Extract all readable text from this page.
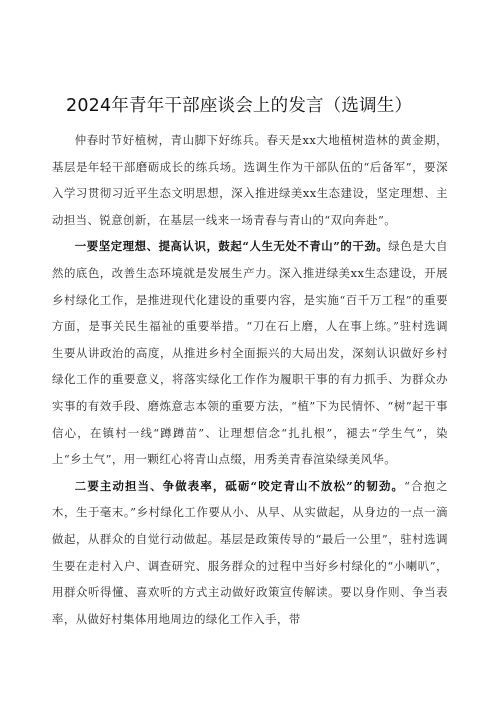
2024年青年干部座谈会上的发言（选调生）

仲春时节好植树，青山脚下好练兵。春天是xx大地植树造林的黄金期，基层是年轻干部磨砺成长的练兵场。选调生作为干部队伍的“后备军”，要深入学习贯彻习近平生态文明思想，深入推进绿美xx生态建设，坚定理想、主动担当、锐意创新，在基层一线来一场青春与青山的“双向奔赴”。

一要坚定理想、提高认识，鼓起“人生无处不青山”的干劲。绿色是大自然的底色，改善生态环境就是发展生产力。深入推进绿美xx生态建设，开展乡村绿化工作，是推进现代化建设的重要内容，是实施“百千万工程”的重要方面，是事关民生福祉的重要举措。“刀在石上磨，人在事上练。”驻村选调生要从讲政治的高度，从推进乡村全面振兴的大局出发，深刻认识做好乡村绿化工作的重要意义，将落实绿化工作作为履职干事的有力抓手、为群众办实事的有效手段、磨炼意志本领的重要方法，“植”下为民情怀、“树”起干事信心，在镇村一线“蹲蹲苗”、让理想信念“扎扎根”，褪去“学生气”，染上“乡土气”，用一颗红心将青山点缀，用秀美青春渲染绿美风华。

二要主动担当、争做表率，砥砺“咬定青山不放松”的韧劲。“合抱之木，生于毫末。”乡村绿化工作要从小、从早、从实做起，从身边的一点一滴做起，从群众的自觉行动做起。基层是政策传导的“最后一公里”，驻村选调生要在走村入户、调查研究、服务群众的过程中当好乡村绿化的“小喇叭”，用群众听得懂、喜欢听的方式主动做好政策宣传解读。要以身作则、争当表率，从做好村集体用地周边的绿化工作入手，带
